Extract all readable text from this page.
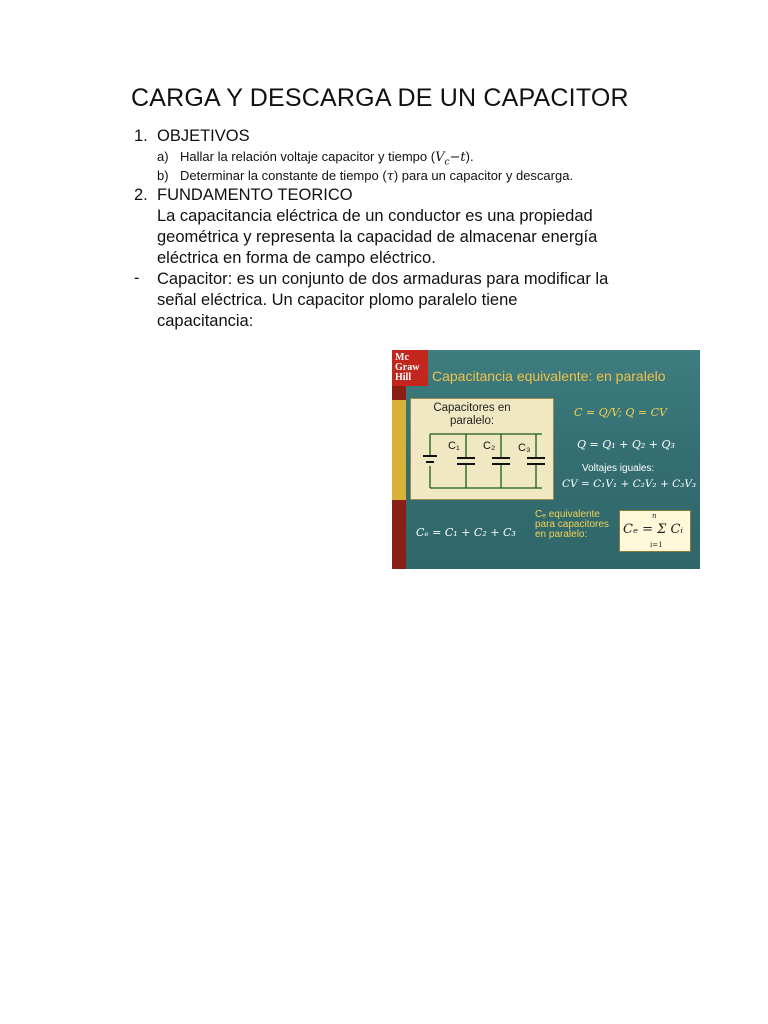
CARGA Y DESCARGA DE UN CAPACITOR
1. OBJETIVOS
a) Hallar la relación voltaje capacitor y tiempo $(V_c-t)$.
b) Determinar la constante de tiempo (τ) para un capacitor y descarga.
2. FUNDAMENTO TEORICO
La capacitancia eléctrica de un conductor es una propiedad
geométrica y representa la capacidad de almacenar energía
eléctrica en forma de campo eléctrico.
- Capacitor: es un conjunto de dos armaduras para modificar la
señal eléctrica. Un capacitor plomo paralelo tiene
capacitancia:
Mc
Graw
Hill	Capacitancia equivalente: en paralelo
Capacitores en
paralelo:
C₁ C₂ C₃
C = Q/V; Q = CV
Q = Q₁ + Q₂ + Q₃
Voltajes iguales:
CV = C₁V₁ + C₂V₂ + C₃V₃
Cₑ equivalente
para capacitores
en paralelo:
Cₑ = C₁ + C₂ + C₃
n
Cₑ = Σ Cᵢ
i=1
